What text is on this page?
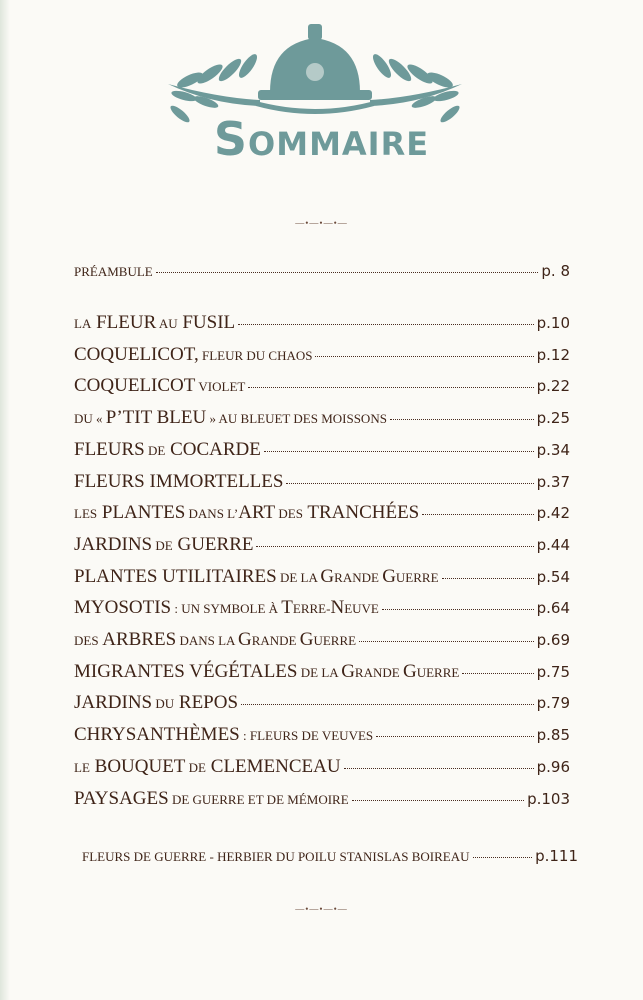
Sommaire
—•—•—•—
PRÉAMBULE	p. 8
LA FLEUR AU FUSIL	p.10
COQUELICOT, FLEUR DU CHAOS	p.12
COQUELICOT VIOLET	p.22
DU « P’TIT BLEU » AU BLEUET DES MOISSONS	p.25
FLEURS DE COCARDE	p.34
FLEURS IMMORTELLES	p.37
LES PLANTES DANS L’ART DES TRANCHÉES	p.42
JARDINS DE GUERRE	p.44
PLANTES UTILITAIRES DE LA GRANDE GUERRE	p.54
MYOSOTIS : UN SYMBOLE À TERRE-NEUVE	p.64
DES ARBRES DANS LA GRANDE GUERRE	p.69
MIGRANTES VÉGÉTALES DE LA GRANDE GUERRE	p.75
JARDINS DU REPOS	p.79
CHRYSANTHÈMES : FLEURS DE VEUVES	p.85
LE BOUQUET DE CLEMENCEAU	p.96
PAYSAGES DE GUERRE ET DE MÉMOIRE	p.103
FLEURS DE GUERRE - HERBIER DU POILU STANISLAS BOIREAU	p.111
—•—•—•—
